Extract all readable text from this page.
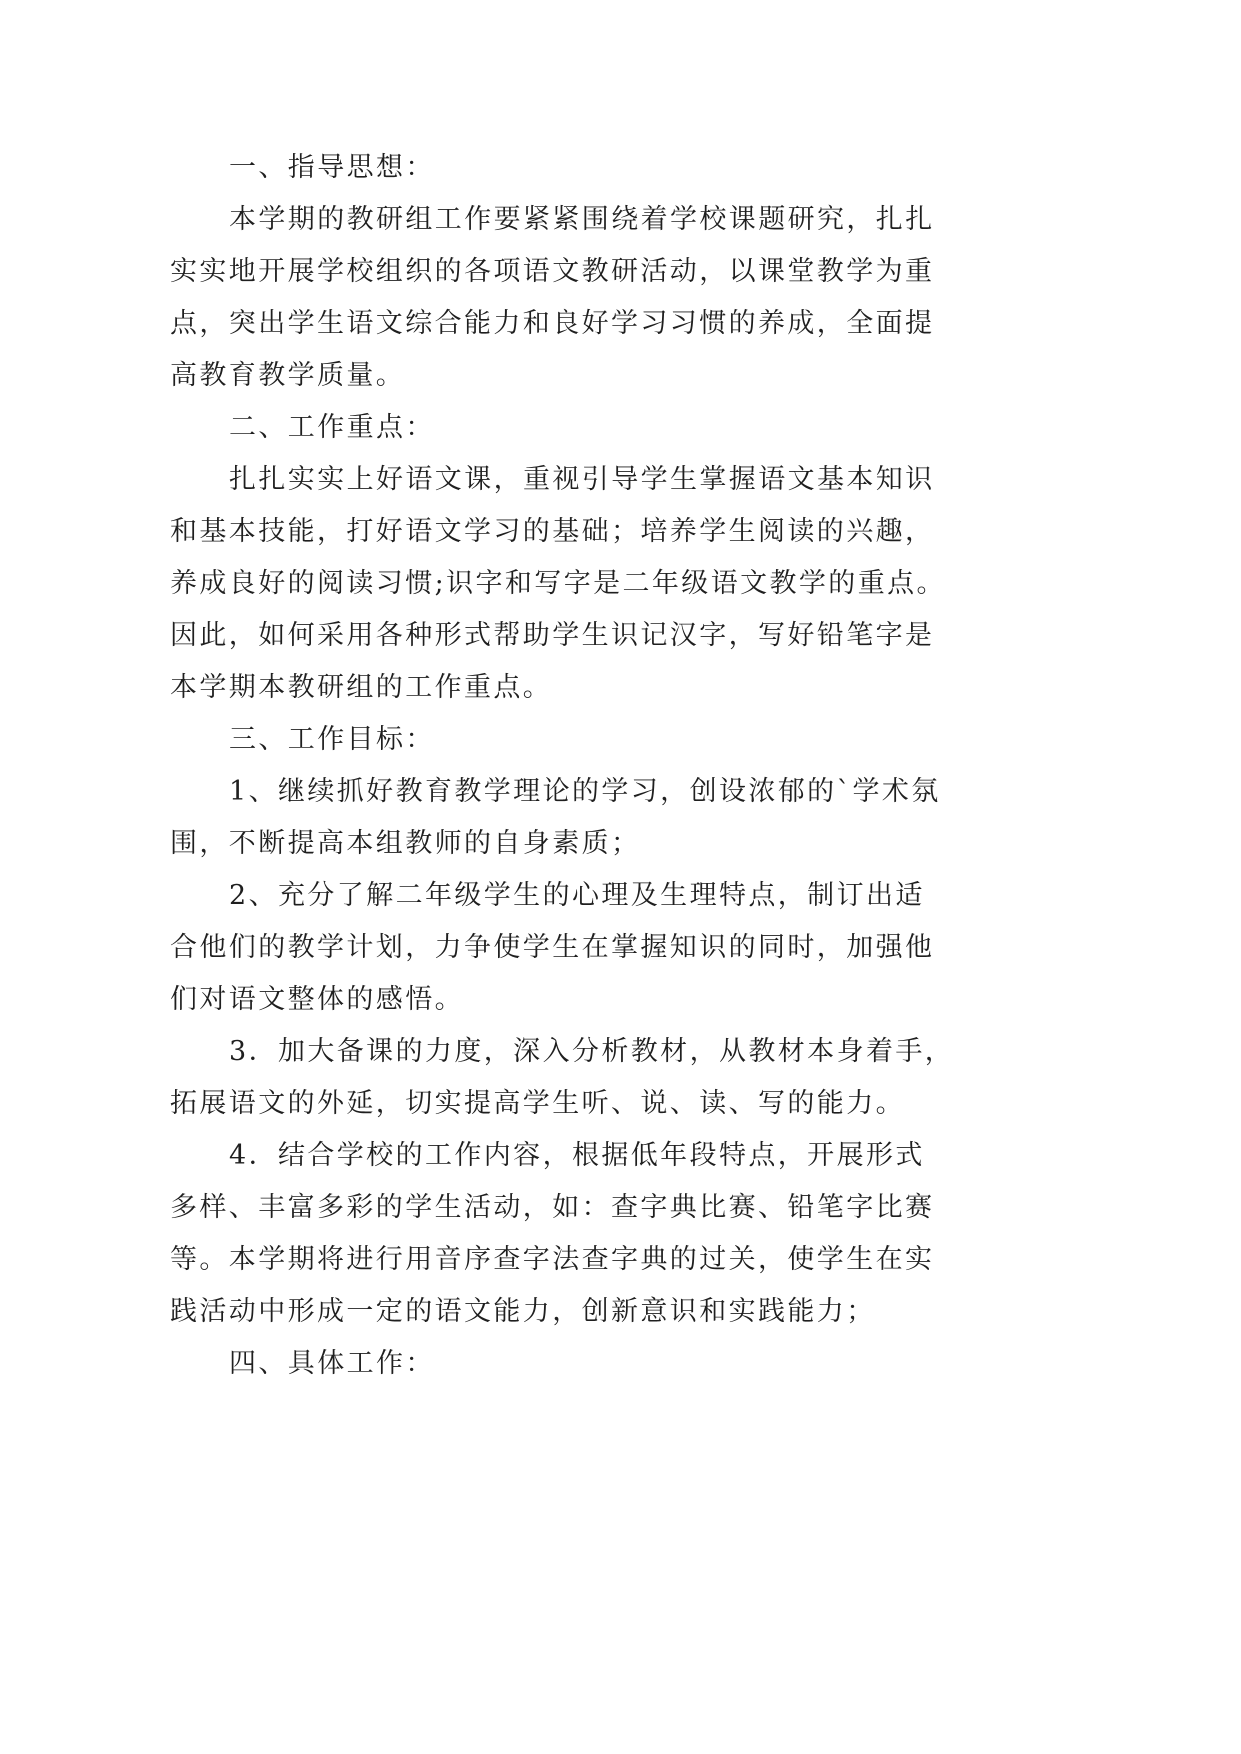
一、指导思想：
本学期的教研组工作要紧紧围绕着学校课题研究，扎扎
实实地开展学校组织的各项语文教研活动，以课堂教学为重
点，突出学生语文综合能力和良好学习习惯的养成，全面提
高教育教学质量。
二、工作重点：
扎扎实实上好语文课，重视引导学生掌握语文基本知识
和基本技能，打好语文学习的基础；培养学生阅读的兴趣，
养成良好的阅读习惯;识字和写字是二年级语文教学的重点。
因此，如何采用各种形式帮助学生识记汉字，写好铅笔字是
本学期本教研组的工作重点。
三、工作目标：
1、继续抓好教育教学理论的学习，创设浓郁的`学术氛
围，不断提高本组教师的自身素质；
2、充分了解二年级学生的心理及生理特点，制订出适
合他们的教学计划，力争使学生在掌握知识的同时，加强他
们对语文整体的感悟。
3．加大备课的力度，深入分析教材，从教材本身着手，
拓展语文的外延，切实提高学生听、说、读、写的能力。
4．结合学校的工作内容，根据低年段特点，开展形式
多样、丰富多彩的学生活动，如：查字典比赛、铅笔字比赛
等。本学期将进行用音序查字法查字典的过关，使学生在实
践活动中形成一定的语文能力，创新意识和实践能力；
四、具体工作：
